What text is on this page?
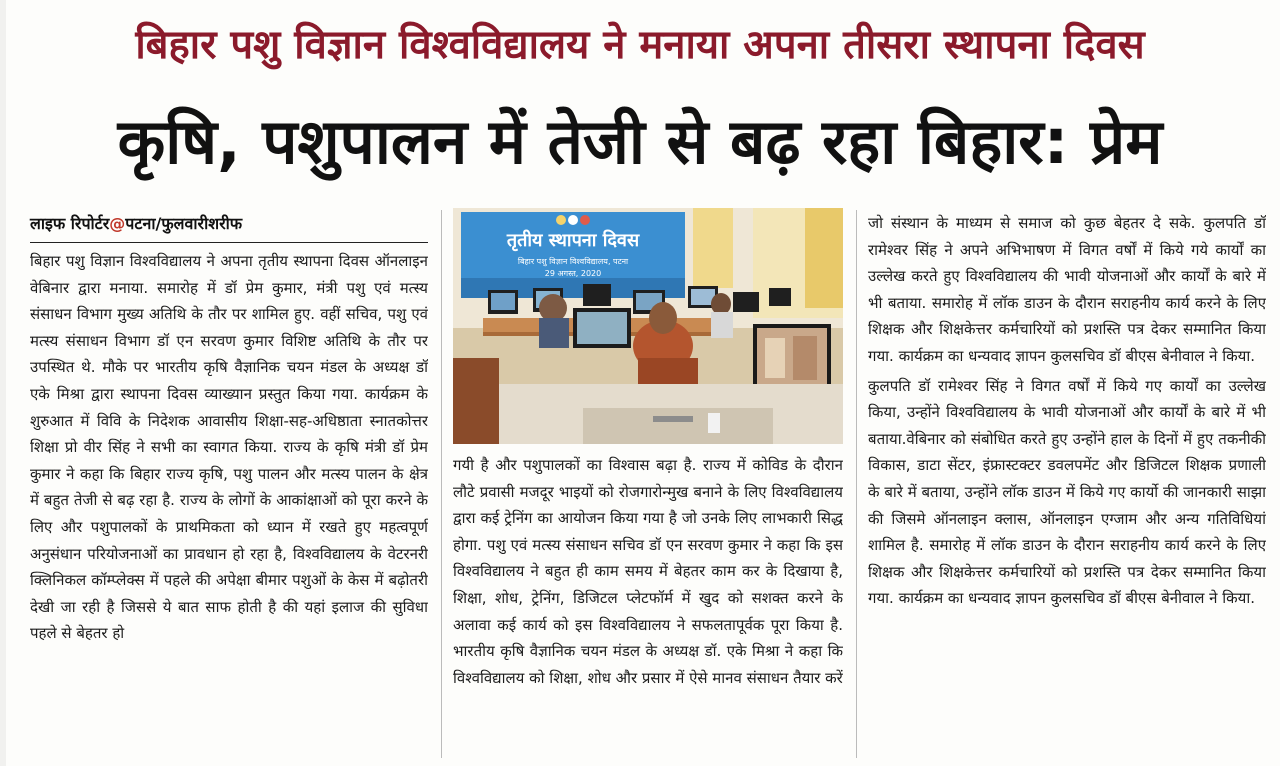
बिहार पशु विज्ञान विश्वविद्यालय ने मनाया अपना तीसरा स्थापना दिवस
कृषि, पशुपालन में तेजी से बढ़ रहा बिहार: प्रेम
लाइफ रिपोर्टर@पटना/फुलवारीशरीफ

बिहार पशु विज्ञान विश्वविद्यालय ने अपना तृतीय स्थापना दिवस ऑनलाइन वेबिनार द्वारा मनाया. समारोह में डॉ प्रेम कुमार, मंत्री पशु एवं मत्स्य संसाधन विभाग मुख्य अतिथि के तौर पर शामिल हुए. वहीं सचिव, पशु एवं मत्स्य संसाधन विभाग डॉ एन सरवण कुमार विशिष्ट अतिथि के तौर पर उपस्थित थे. मौके पर भारतीय कृषि वैज्ञानिक चयन मंडल के अध्यक्ष डॉ एके मिश्रा द्वारा स्थापना दिवस व्याख्यान प्रस्तुत किया गया. कार्यक्रम के शुरुआत में विवि के निदेशक आवासीय शिक्षा-सह-अधिष्ठाता स्नातकोत्तर शिक्षा प्रो वीर सिंह ने सभी का स्वागत किया. राज्य के कृषि मंत्री डॉ प्रेम कुमार ने कहा कि बिहार राज्य कृषि, पशु पालन और मत्स्य पालन के क्षेत्र में बहुत तेजी से बढ़ रहा है. राज्य के लोगों के आकांक्षाओं को पूरा करने के लिए और पशुपालकों के प्राथमिकता को ध्यान में रखते हुए महत्वपूर्ण अनुसंधान परियोजनाओं का प्रावधान हो रहा है, विश्वविद्यालय के वेटरनरी क्लिनिकल कॉम्प्लेक्स में पहले की अपेक्षा बीमार पशुओं के केस में बढ़ोतरी देखी जा रही है जिससे ये बात साफ होती है की यहां इलाज की सुविधा पहले से बेहतर हो

तृतीय स्थापना दिवस
बिहार पशु विज्ञान विश्वविद्यालय, पटना
29 अगस्त, 2020

गयी है और पशुपालकों का विश्वास बढ़ा है. राज्य में कोविड के दौरान लौटे प्रवासी मजदूर भाइयों को रोजगारोन्मुख बनाने के लिए विश्वविद्यालय द्वारा कई ट्रेनिंग का आयोजन किया गया है जो उनके लिए लाभकारी सिद्ध होगा. पशु एवं मत्स्य संसाधन सचिव डॉ एन सरवण कुमार ने कहा कि इस विश्वविद्यालय ने बहुत ही काम समय में बेहतर काम कर के दिखाया है, शिक्षा, शोध, ट्रेनिंग, डिजिटल प्लेटफॉर्म में खुद को सशक्त करने के अलावा कई कार्य को इस विश्वविद्यालय ने सफलतापूर्वक पूरा किया है. भारतीय कृषि वैज्ञानिक चयन मंडल के अध्यक्ष डॉ. एके मिश्रा ने कहा कि विश्वविद्यालय को शिक्षा, शोध और प्रसार में ऐसे मानव संसाधन तैयार करें

जो संस्थान के माध्यम से समाज को कुछ बेहतर दे सके. कुलपति डॉ रामेश्वर सिंह ने अपने अभिभाषण में विगत वर्षों में किये गये कार्यों का उल्लेख करते हुए विश्वविद्यालय की भावी योजनाओं और कार्यों के बारे में भी बताया. समारोह में लॉक डाउन के दौरान सराहनीय कार्य करने के लिए शिक्षक और शिक्षकेत्तर कर्मचारियों को प्रशस्ति पत्र देकर सम्मानित किया गया. कार्यक्रम का धन्यवाद ज्ञापन कुलसचिव डॉ बीएस बेनीवाल ने किया.

कुलपति डॉ रामेश्वर सिंह ने विगत वर्षों में किये गए कार्यों का उल्लेख किया, उन्होंने विश्वविद्यालय के भावी योजनाओं और कार्यों के बारे में भी बताया.वेबिनार को संबोधित करते हुए उन्होंने हाल के दिनों में हुए तकनीकी विकास, डाटा सेंटर, इंफ्रास्टक्टर डवलपमेंट और डिजिटल शिक्षक प्रणाली के बारे में बताया, उन्होंने लॉक डाउन में किये गए कार्यो की जानकारी साझा की जिसमे ऑनलाइन क्लास, ऑनलाइन एग्जाम और अन्य गतिविधियां शामिल है. समारोह में लॉक डाउन के दौरान सराहनीय कार्य करने के लिए शिक्षक और शिक्षकेत्तर कर्मचारियों को प्रशस्ति पत्र देकर सम्मानित किया गया. कार्यक्रम का धन्यवाद ज्ञापन कुलसचिव डॉ बीएस बेनीवाल ने किया.
